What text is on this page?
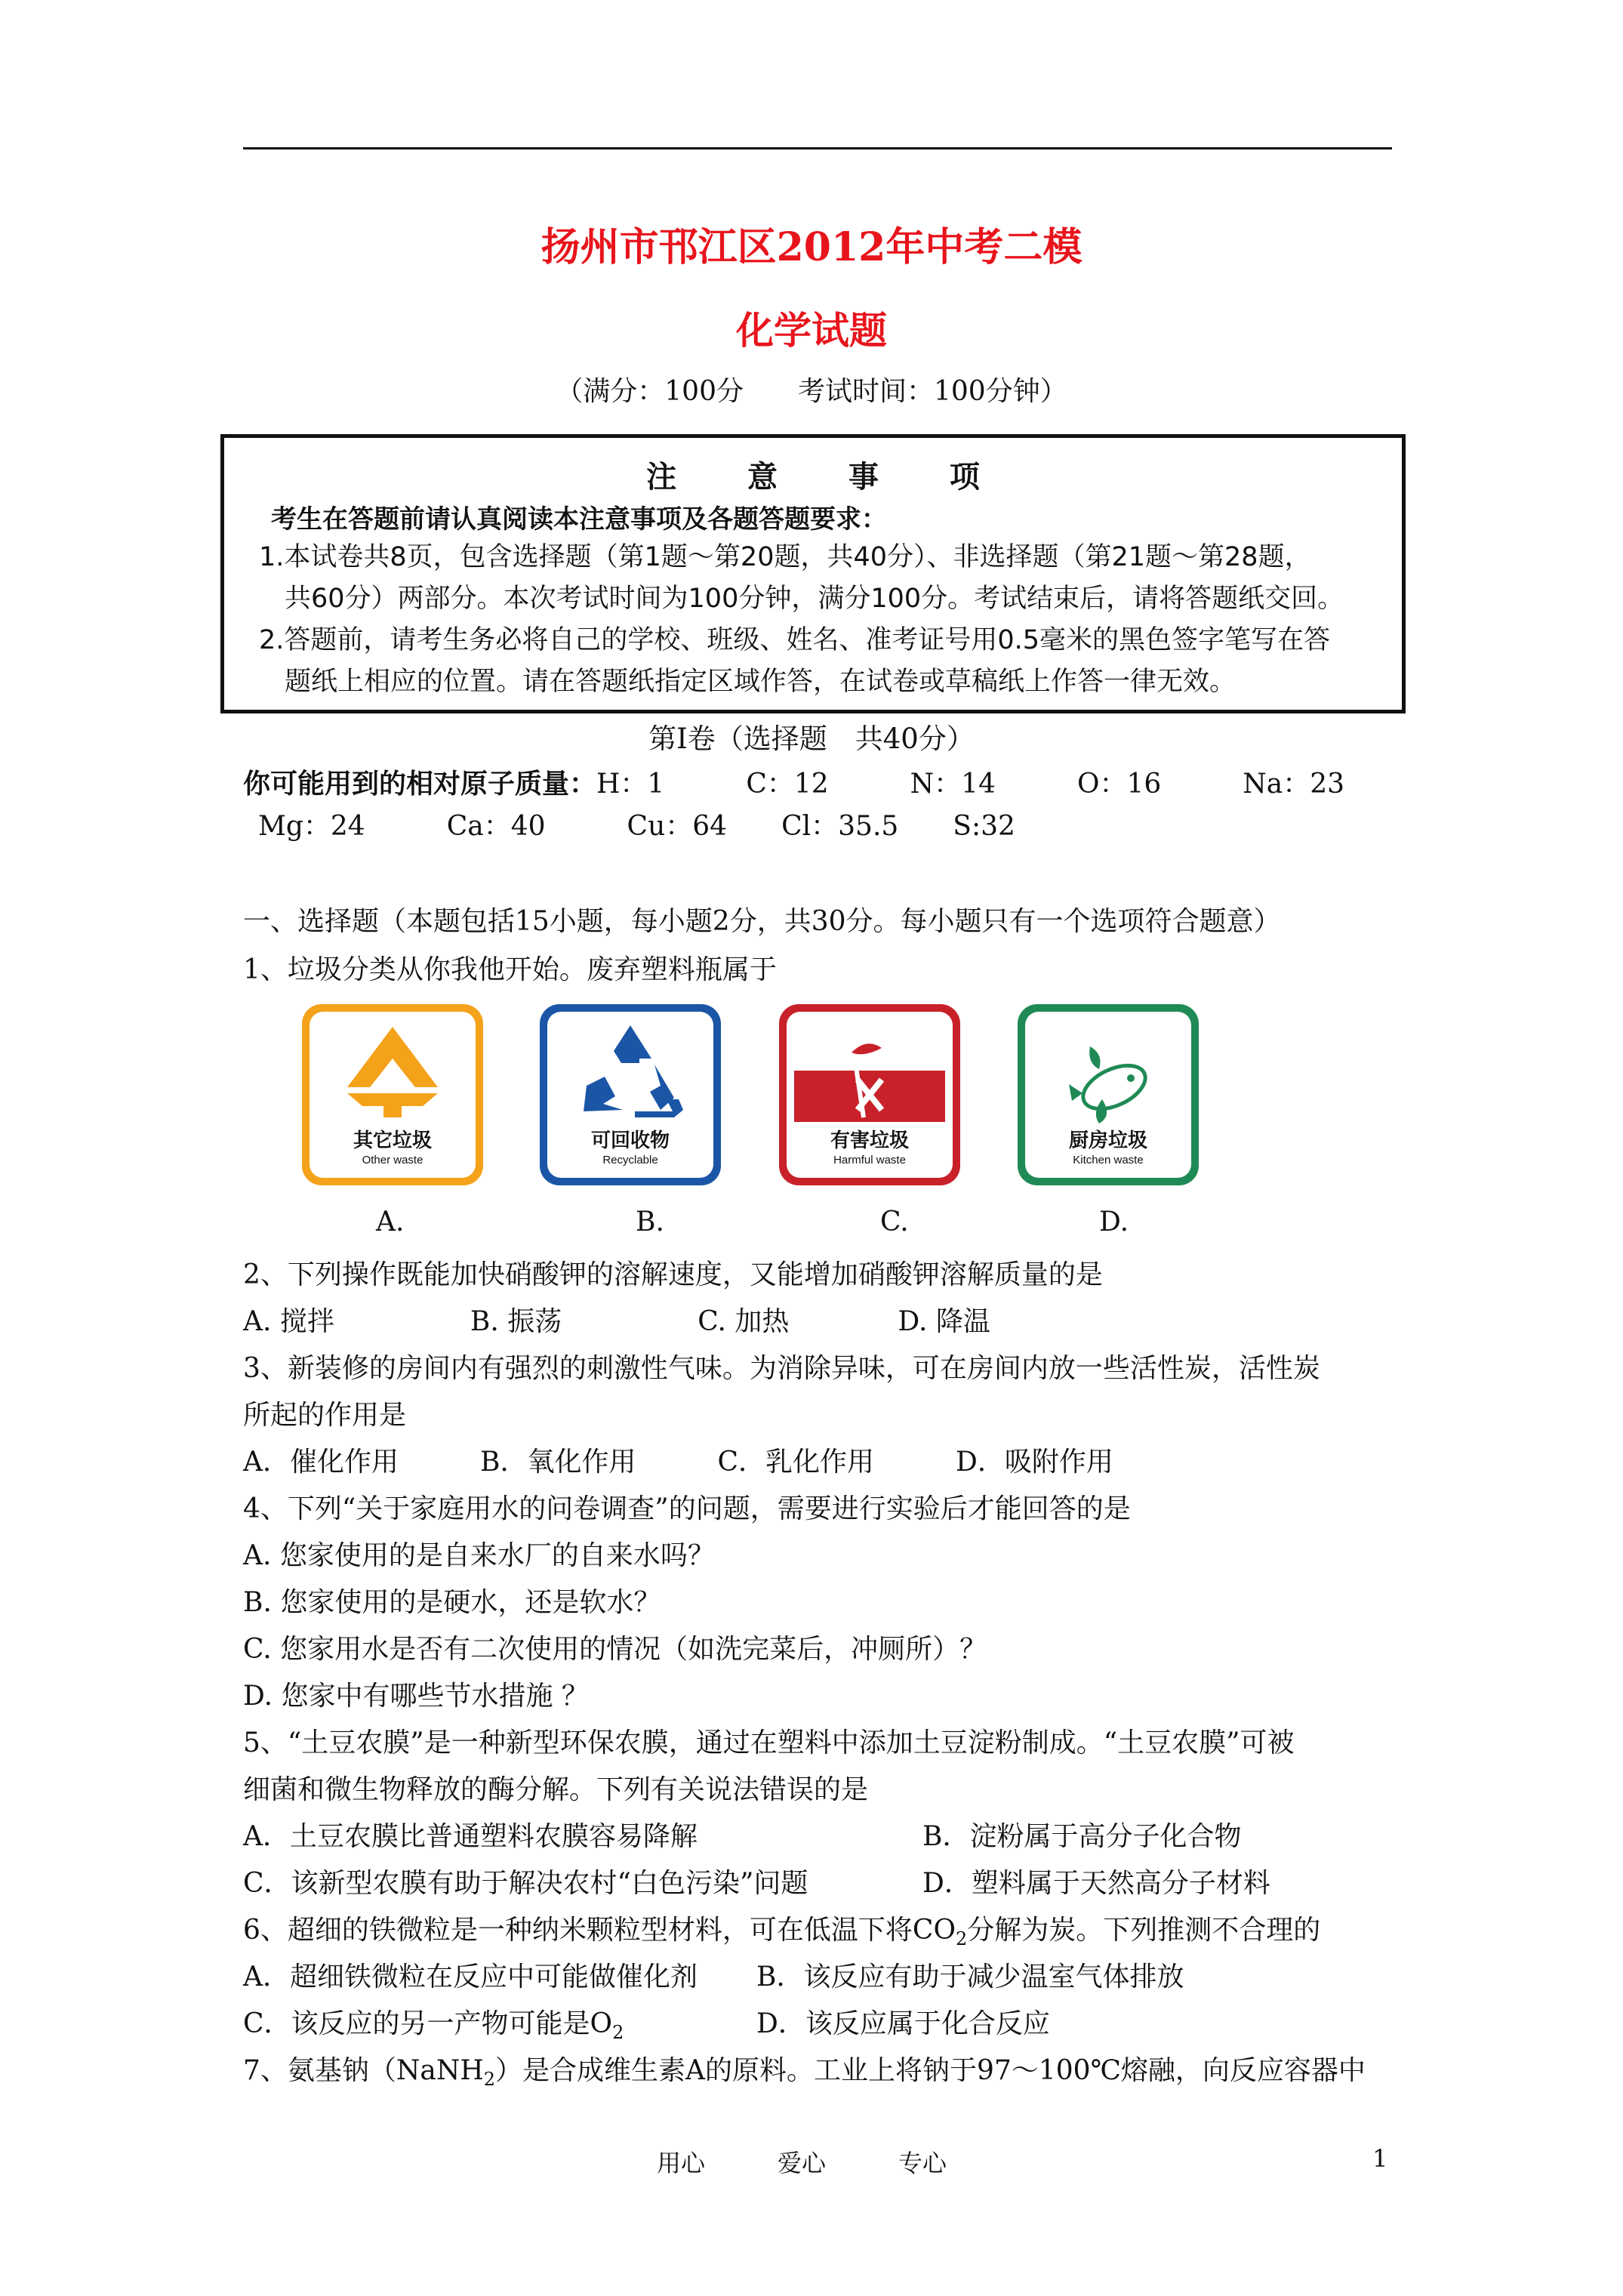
扬州市邗江区2012年中考二模
化学试题
（满分：100分　　考试时间：100分钟）
注 意 事 项
考生在答题前请认真阅读本注意事项及各题答题要求：
1.本试卷共8页，包含选择题（第1题～第20题，共40分）、非选择题（第21题～第28题，
共60分）两部分。本次考试时间为100分钟，满分100分。考试结束后，请将答题纸交回。
2.答题前，请考生务必将自己的学校、班级、姓名、准考证号用0.5毫米的黑色签字笔写在答
题纸上相应的位置。请在答题纸指定区域作答，在试卷或草稿纸上作答一律无效。
第Ⅰ卷（选择题　共40分）
你可能用到的相对原子质量：H：1　　　C：12　　　N：14　　　O：16　　　Na：23
Mg：24　　　Ca：40　　　Cu：64　　Cl：35.5　　S:32
一、选择题（本题包括15小题，每小题2分，共30分。每小题只有一个选项符合题意）
1、垃圾分类从你我他开始。废弃塑料瓶属于
其它垃圾
Other waste
可回收物
Recyclable
有害垃圾
Harmful waste
厨房垃圾
Kitchen waste
A.	B.	C.	D.
2、下列操作既能加快硝酸钾的溶解速度，又能增加硝酸钾溶解质量的是
A. 搅拌　　　　　B. 振荡　　　　　C. 加热　　　　D. 降温
3、新装修的房间内有强烈的刺激性气味。为消除异味，可在房间内放一些活性炭，活性炭
所起的作用是
A．催化作用　　　B．氧化作用　　　C．乳化作用　　　D．吸附作用
4、下列“关于家庭用水的问卷调查”的问题，需要进行实验后才能回答的是
A. 您家使用的是自来水厂的自来水吗？
B. 您家使用的是硬水，还是软水？
C. 您家用水是否有二次使用的情况（如洗完菜后，冲厕所）？
D. 您家中有哪些节水措施 ？
5、“土豆农膜”是一种新型环保农膜，通过在塑料中添加土豆淀粉制成。“土豆农膜”可被
细菌和微生物释放的酶分解。下列有关说法错误的是
A．土豆农膜比普通塑料农膜容易降解	B．淀粉属于高分子化合物
C．该新型农膜有助于解决农村“白色污染”问题	D．塑料属于天然高分子材料
6、超细的铁微粒是一种纳米颗粒型材料，可在低温下将$CO_2$分解为炭。下列推测不合理的
A．超细铁微粒在反应中可能做催化剂 B．该反应有助于减少温室气体排放
C．该反应的另一产物可能是$O_2$	D．该反应属于化合反应
7、氨基钠（NaNH$_2$）是合成维生素A的原料。工业上将钠于97～100℃熔融，向反应容器中
用心　　　爱心　　　专心	1
